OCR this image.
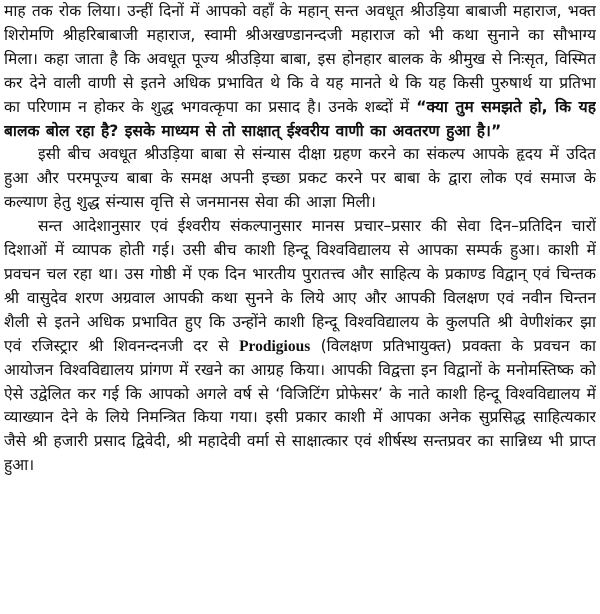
माह तक रोक लिया। उन्हीं दिनों में आपको वहाँ के महान् सन्त अवधूत श्रीउड़िया बाबाजी महाराज, भक्त शिरोमणि श्रीहरिबाबाजी महाराज, स्वामी श्रीअखण्डानन्दजी महाराज को भी कथा सुनाने का सौभाग्य मिला। कहा जाता है कि अवधूत पूज्य श्रीउड़िया बाबा, इस होनहार बालक के श्रीमुख से निःसृत, विस्मित कर देने वाली वाणी से इतने अधिक प्रभावित थे कि वे यह मानते थे कि यह किसी पुरुषार्थ या प्रतिभा का परिणाम न होकर के शुद्ध भगवत्कृपा का प्रसाद है। उनके शब्दों में “क्या तुम समझते हो, कि यह बालक बोल रहा है? इसके माध्यम से तो साक्षात् ईश्वरीय वाणी का अवतरण हुआ है।”

इसी बीच अवधूत श्रीउड़िया बाबा से संन्यास दीक्षा ग्रहण करने का संकल्प आपके हृदय में उदित हुआ और परमपूज्य बाबा के समक्ष अपनी इच्छा प्रकट करने पर बाबा के द्वारा लोक एवं समाज के कल्याण हेतु शुद्ध संन्यास वृत्ति से जनमानस सेवा की आज्ञा मिली।

सन्त आदेशानुसार एवं ईश्वरीय संकल्पानुसार मानस प्रचार–प्रसार की सेवा दिन–प्रतिदिन चारों दिशाओं में व्यापक होती गई। उसी बीच काशी हिन्दू विश्वविद्यालय से आपका सम्पर्क हुआ। काशी में प्रवचन चल रहा था। उस गोष्ठी में एक दिन भारतीय पुरातत्त्व और साहित्य के प्रकाण्ड विद्वान् एवं चिन्तक श्री वासुदेव शरण अग्रवाल आपकी कथा सुनने के लिये आए और आपकी विलक्षण एवं नवीन चिन्तन शैली से इतने अधिक प्रभावित हुए कि उन्होंने काशी हिन्दू विश्वविद्यालय के कुलपति श्री वेणीशंकर झा एवं रजिस्ट्रार श्री शिवनन्दनजी दर से Prodigious (विलक्षण प्रतिभायुक्त) प्रवक्ता के प्रवचन का आयोजन विश्वविद्यालय प्रांगण में रखने का आग्रह किया। आपकी विद्वत्ता इन विद्वानों के मनोमस्तिष्क को ऐसे उद्वेलित कर गई कि आपको अगले वर्ष से ‘विजिटिंग प्रोफेसर’ के नाते काशी हिन्दू विश्वविद्यालय में व्याख्यान देने के लिये निमन्त्रित किया गया। इसी प्रकार काशी में आपका अनेक सुप्रसिद्ध साहित्यकार जैसे श्री हजारी प्रसाद द्विवेदी, श्री महादेवी वर्मा से साक्षात्कार एवं शीर्षस्थ सन्तप्रवर का सान्निध्य भी प्राप्त हुआ।
